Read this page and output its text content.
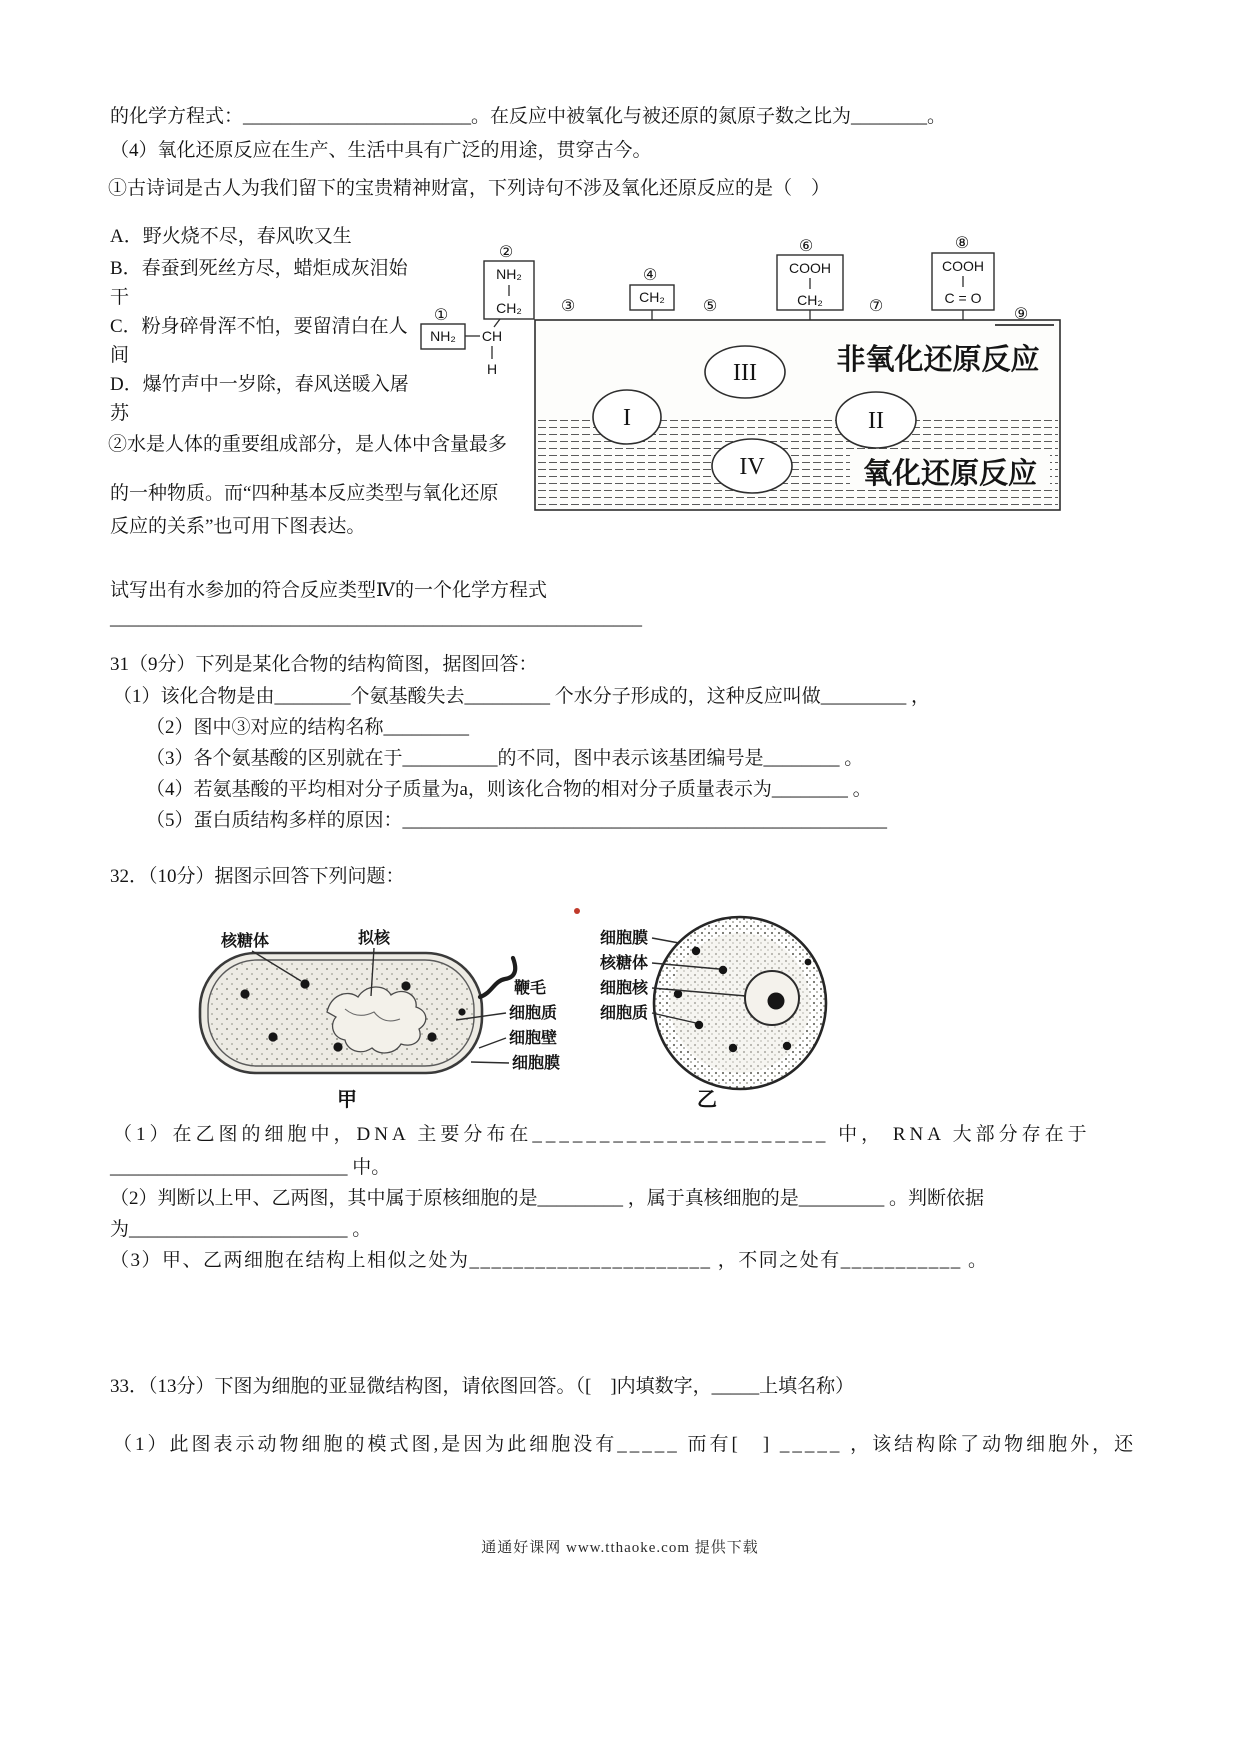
的化学方程式：________________________。在反应中被氧化与被还原的氮原子数之比为________。
（4）氧化还原反应在生产、生活中具有广泛的用途，贯穿古今。
①古诗词是古人为我们留下的宝贵精神财富，下列诗句不涉及氧化还原反应的是（　）
A．野火烧不尽，春风吹又生
B．春蚕到死丝方尽，蜡炬成灰泪始干
C．粉身碎骨浑不怕，要留清白在人间
D．爆竹声中一岁除，春风送暖入屠苏
②水是人体的重要组成部分，是人体中含量最多
的一种物质。而“四种基本反应类型与氧化还原
反应的关系”也可用下图表达。
非氧化还原反应
氧化还原反应
I	II
III
IV
①
②
③
④
⑤
⑥
⑦
⑧
⑨
NH₂ CH
H
NH₂
CH₂
CH₂
COOH
CH₂
COOH
C = O
试写出有水参加的符合反应类型Ⅳ的一个化学方程式
________________________________________________________
31（9分）下列是某化合物的结构简图，据图回答：
（1）该化合物是由________个氨基酸失去_________ 个水分子形成的，这种反应叫做_________ ，
（2）图中③对应的结构名称_________
（3）各个氨基酸的区别就在于__________的不同，图中表示该基团编号是________ 。
（4）若氨基酸的平均相对分子质量为a，则该化合物的相对分子质量表示为________ 。
（5）蛋白质结构多样的原因：___________________________________________________
32．（10分）据图示回答下列问题：
核糖体	拟核
鞭毛
细胞质
细胞壁
细胞膜
甲
细胞膜
核糖体
细胞核
细胞质
乙
（1）在乙图的细胞中，DNA 主要分布在______________________ 中， RNA 大部分存在于
_________________________ 中。
（2）判断以上甲、乙两图，其中属于原核细胞的是_________ ，属于真核细胞的是_________ 。判断依据
为_______________________ 。
（3）甲、乙两细胞在结构上相似之处为______________________ ，不同之处有___________ 。
33．（13分）下图为细胞的亚显微结构图，请依图回答。（[　]内填数字，_____上填名称）
（1）此图表示动物细胞的模式图,是因为此细胞没有_____ 而有[　] _____ ，该结构除了动物细胞外，还
通通好课网 www.tthaoke.com 提供下载
